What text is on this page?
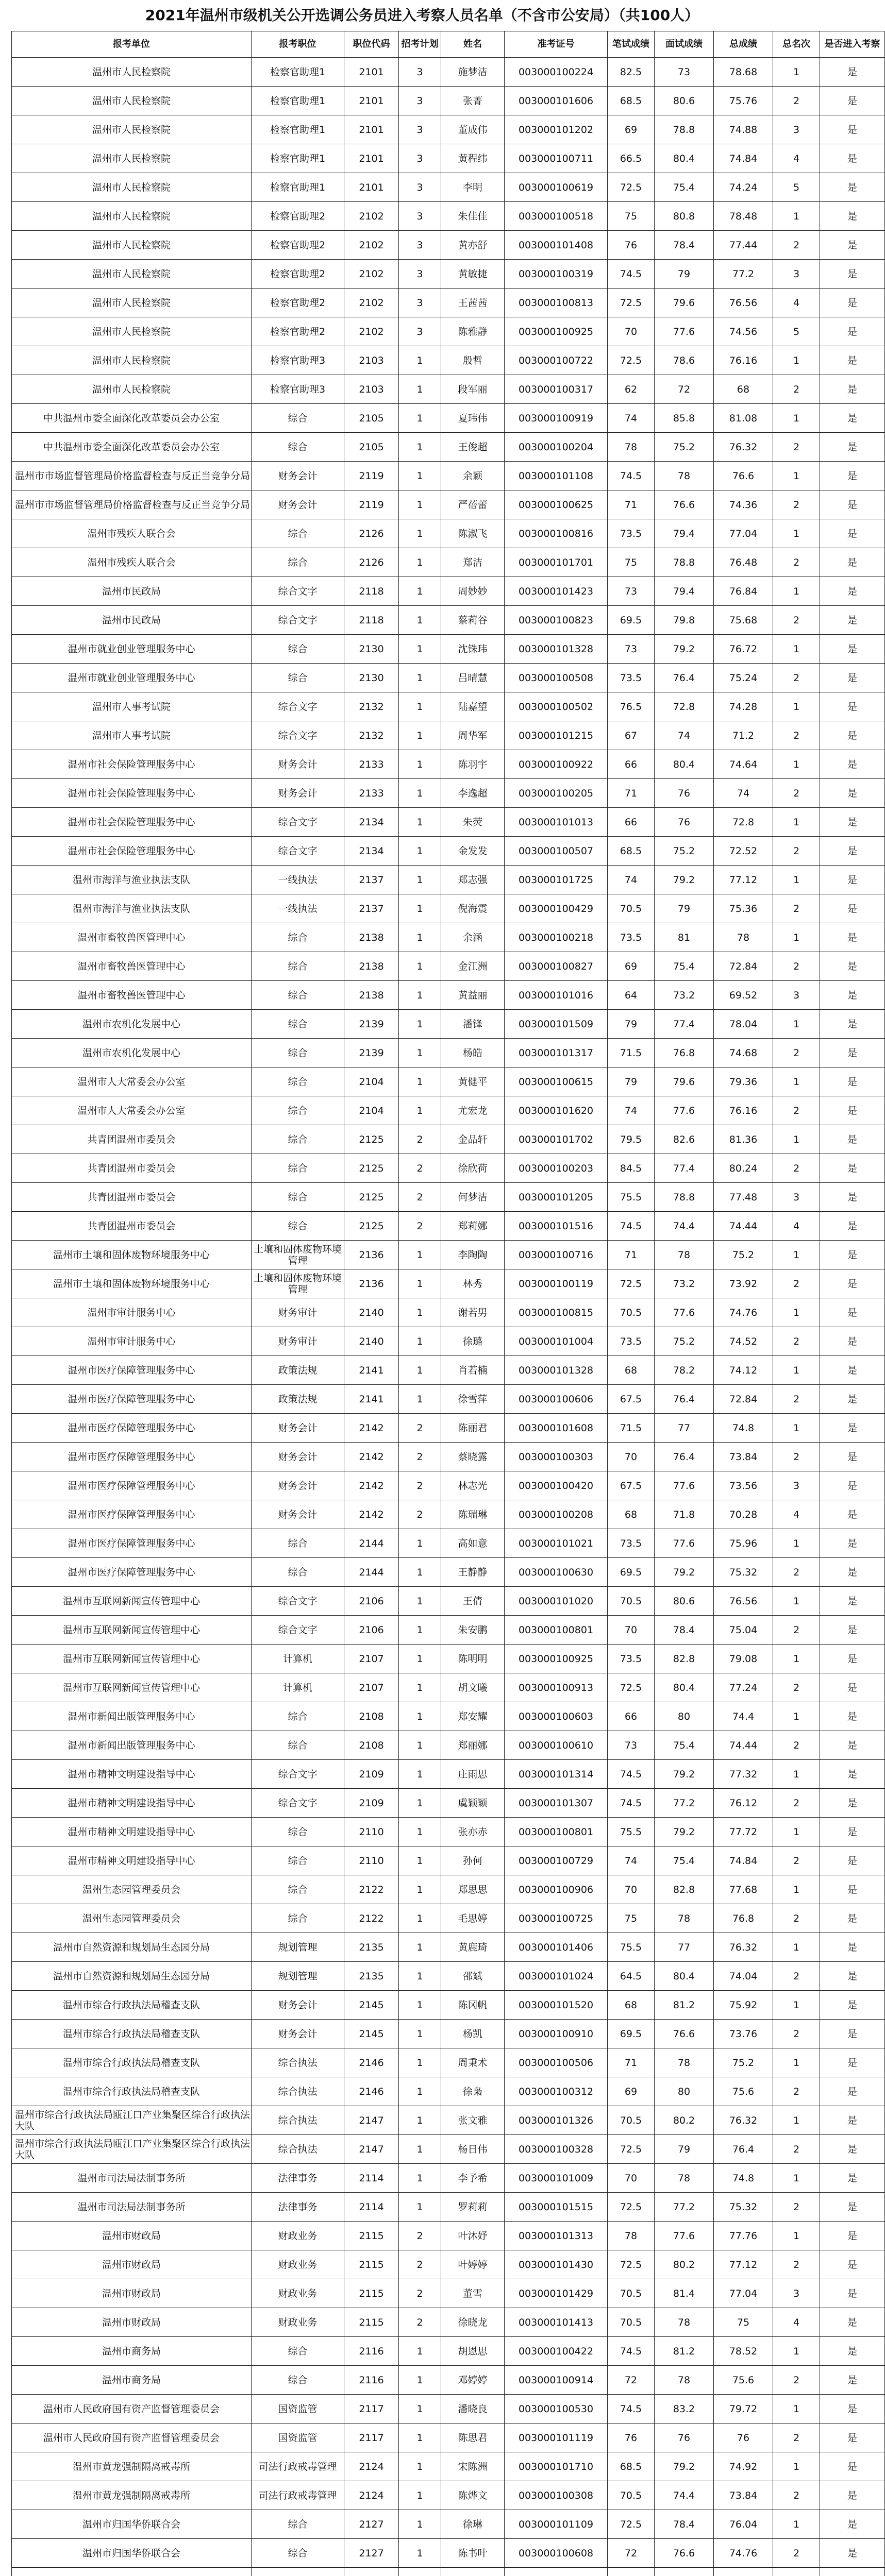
2021年温州市级机关公开选调公务员进入考察人员名单（不含市公安局）（共100人）
报考单位	报考职位	职位代码	招考计划	姓名	准考证号	笔试成绩	面试成绩	总成绩	总名次	是否进入考察
温州市人民检察院	检察官助理1	2101	3	施梦洁	003000100224	82.5	73	78.68	1	是
温州市人民检察院	检察官助理1	2101	3	张菁	003000101606	68.5	80.6	75.76	2	是
温州市人民检察院	检察官助理1	2101	3	董成伟	003000101202	69	78.8	74.88	3	是
温州市人民检察院	检察官助理1	2101	3	黄程纬	003000100711	66.5	80.4	74.84	4	是
温州市人民检察院	检察官助理1	2101	3	李明	003000100619	72.5	75.4	74.24	5	是
温州市人民检察院	检察官助理2	2102	3	朱佳佳	003000100518	75	80.8	78.48	1	是
温州市人民检察院	检察官助理2	2102	3	黄亦舒	003000101408	76	78.4	77.44	2	是
温州市人民检察院	检察官助理2	2102	3	黄敏捷	003000100319	74.5	79	77.2	3	是
温州市人民检察院	检察官助理2	2102	3	王茜茜	003000100813	72.5	79.6	76.56	4	是
温州市人民检察院	检察官助理2	2102	3	陈雅静	003000100925	70	77.6	74.56	5	是
温州市人民检察院	检察官助理3	2103	1	殷哲	003000100722	72.5	78.6	76.16	1	是
温州市人民检察院	检察官助理3	2103	1	段军丽	003000100317	62	72	68	2	是
中共温州市委全面深化改革委员会办公室	综合	2105	1	夏玮伟	003000100919	74	85.8	81.08	1	是
中共温州市委全面深化改革委员会办公室	综合	2105	1	王俊超	003000100204	78	75.2	76.32	2	是
温州市市场监督管理局价格监督检查与反正当竞争分局	财务会计	2119	1	余颖	003000101108	74.5	78	76.6	1	是
温州市市场监督管理局价格监督检查与反正当竞争分局	财务会计	2119	1	严蓓蕾	003000100625	71	76.6	74.36	2	是
温州市残疾人联合会	综合	2126	1	陈淑飞	003000100816	73.5	79.4	77.04	1	是
温州市残疾人联合会	综合	2126	1	郑洁	003000101701	75	78.8	76.48	2	是
温州市民政局	综合文字	2118	1	周妙妙	003000101423	73	79.4	76.84	1	是
温州市民政局	综合文字	2118	1	蔡莉谷	003000100823	69.5	79.8	75.68	2	是
温州市就业创业管理服务中心	综合	2130	1	沈铢玮	003000101328	73	79.2	76.72	1	是
温州市就业创业管理服务中心	综合	2130	1	吕晴慧	003000100508	73.5	76.4	75.24	2	是
温州市人事考试院	综合文字	2132	1	陆嘉望	003000100502	76.5	72.8	74.28	1	是
温州市人事考试院	综合文字	2132	1	周华军	003000101215	67	74	71.2	2	是
温州市社会保险管理服务中心	财务会计	2133	1	陈羽宇	003000100922	66	80.4	74.64	1	是
温州市社会保险管理服务中心	财务会计	2133	1	李逸超	003000100205	71	76	74	2	是
温州市社会保险管理服务中心	综合文字	2134	1	朱荧	003000101013	66	76	72.8	1	是
温州市社会保险管理服务中心	综合文字	2134	1	金发发	003000100507	68.5	75.2	72.52	2	是
温州市海洋与渔业执法支队	一线执法	2137	1	郑志强	003000101725	74	79.2	77.12	1	是
温州市海洋与渔业执法支队	一线执法	2137	1	倪海震	003000100429	70.5	79	75.36	2	是
温州市畜牧兽医管理中心	综合	2138	1	余涵	003000100218	73.5	81	78	1	是
温州市畜牧兽医管理中心	综合	2138	1	金江洲	003000100827	69	75.4	72.84	2	是
温州市畜牧兽医管理中心	综合	2138	1	黄益丽	003000101016	64	73.2	69.52	3	是
温州市农机化发展中心	综合	2139	1	潘锋	003000101509	79	77.4	78.04	1	是
温州市农机化发展中心	综合	2139	1	杨皓	003000101317	71.5	76.8	74.68	2	是
温州市人大常委会办公室	综合	2104	1	黄健平	003000100615	79	79.6	79.36	1	是
温州市人大常委会办公室	综合	2104	1	尤宏龙	003000101620	74	77.6	76.16	2	是
共青团温州市委员会	综合	2125	2	金品轩	003000101702	79.5	82.6	81.36	1	是
共青团温州市委员会	综合	2125	2	徐欣荷	003000100203	84.5	77.4	80.24	2	是
共青团温州市委员会	综合	2125	2	何梦洁	003000101205	75.5	78.8	77.48	3	是
共青团温州市委员会	综合	2125	2	郑莉娜	003000101516	74.5	74.4	74.44	4	是
温州市土壤和固体废物环境服务中心	土壤和固体废物环境管理	2136	1	李陶陶	003000100716	71	78	75.2	1	是
温州市土壤和固体废物环境服务中心	土壤和固体废物环境管理	2136	1	林秀	003000100119	72.5	73.2	73.92	2	是
温州市审计服务中心	财务审计	2140	1	谢若男	003000100815	70.5	77.6	74.76	1	是
温州市审计服务中心	财务审计	2140	1	徐璐	003000101004	73.5	75.2	74.52	2	是
温州市医疗保障管理服务中心	政策法规	2141	1	肖若楠	003000101328	68	78.2	74.12	1	是
温州市医疗保障管理服务中心	政策法规	2141	1	徐雪萍	003000100606	67.5	76.4	72.84	2	是
温州市医疗保障管理服务中心	财务会计	2142	2	陈丽君	003000101608	71.5	77	74.8	1	是
温州市医疗保障管理服务中心	财务会计	2142	2	蔡晓露	003000100303	70	76.4	73.84	2	是
温州市医疗保障管理服务中心	财务会计	2142	2	林志光	003000100420	67.5	77.6	73.56	3	是
温州市医疗保障管理服务中心	财务会计	2142	2	陈瑞琳	003000100208	68	71.8	70.28	4	是
温州市医疗保障管理服务中心	综合	2144	1	高如意	003000101021	73.5	77.6	75.96	1	是
温州市医疗保障管理服务中心	综合	2144	1	王静静	003000100630	69.5	79.2	75.32	2	是
温州市互联网新闻宣传管理中心	综合文字	2106	1	王倩	003000101020	70.5	80.6	76.56	1	是
温州市互联网新闻宣传管理中心	综合文字	2106	1	朱安鹏	003000100801	70	78.4	75.04	2	是
温州市互联网新闻宣传管理中心	计算机	2107	1	陈明明	003000100925	73.5	82.8	79.08	1	是
温州市互联网新闻宣传管理中心	计算机	2107	1	胡文曦	003000100913	72.5	80.4	77.24	2	是
温州市新闻出版管理服务中心	综合	2108	1	郑安耀	003000100603	66	80	74.4	1	是
温州市新闻出版管理服务中心	综合	2108	1	郑丽娜	003000100610	73	75.4	74.44	2	是
温州市精神文明建设指导中心	综合文字	2109	1	庄雨思	003000101314	74.5	79.2	77.32	1	是
温州市精神文明建设指导中心	综合文字	2109	1	虞颖颖	003000101307	74.5	77.2	76.12	2	是
温州市精神文明建设指导中心	综合	2110	1	张亦赤	003000100801	75.5	79.2	77.72	1	是
温州市精神文明建设指导中心	综合	2110	1	孙何	003000100729	74	75.4	74.84	2	是
温州生态园管理委员会	综合	2122	1	郑思思	003000100906	70	82.8	77.68	1	是
温州生态园管理委员会	综合	2122	1	毛思婷	003000100725	75	78	76.8	2	是
温州市自然资源和规划局生态园分局	规划管理	2135	1	黄鹿琦	003000101406	75.5	77	76.32	1	是
温州市自然资源和规划局生态园分局	规划管理	2135	1	邵斌	003000101024	64.5	80.4	74.04	2	是
温州市综合行政执法局稽查支队	财务会计	2145	1	陈冈帆	003000101520	68	81.2	75.92	1	是
温州市综合行政执法局稽查支队	财务会计	2145	1	杨凯	003000100910	69.5	76.6	73.76	2	是
温州市综合行政执法局稽查支队	综合执法	2146	1	周秉术	003000100506	71	78	75.2	1	是
温州市综合行政执法局稽查支队	综合执法	2146	1	徐枭	003000100312	69	80	75.6	2	是
温州市综合行政执法局瓯江口产业集聚区综合行政执法大队	综合执法	2147	1	张文雅	003000101326	70.5	80.2	76.32	1	是
温州市综合行政执法局瓯江口产业集聚区综合行政执法大队	综合执法	2147	1	杨日伟	003000100328	72.5	79	76.4	2	是
温州市司法局法制事务所	法律事务	2114	1	李予希	003000101009	70	78	74.8	1	是
温州市司法局法制事务所	法律事务	2114	1	罗莉莉	003000101515	72.5	77.2	75.32	2	是
温州市财政局	财政业务	2115	2	叶沐妤	003000101313	78	77.6	77.76	1	是
温州市财政局	财政业务	2115	2	叶婷婷	003000101430	72.5	80.2	77.12	2	是
温州市财政局	财政业务	2115	2	董雪	003000101429	70.5	81.4	77.04	3	是
温州市财政局	财政业务	2115	2	徐晓龙	003000101413	70.5	78	75	4	是
温州市商务局	综合	2116	1	胡恩思	003000100422	74.5	81.2	78.52	1	是
温州市商务局	综合	2116	1	邓婷婷	003000100914	72	78	75.6	2	是
温州市人民政府国有资产监督管理委员会	国资监管	2117	1	潘晓良	003000100530	74.5	83.2	79.72	1	是
温州市人民政府国有资产监督管理委员会	国资监管	2117	1	陈思君	003000101119	76	76	76	2	是
温州市黄龙强制隔离戒毒所	司法行政戒毒管理	2124	1	宋陈洲	003000101710	68.5	79.2	74.92	1	是
温州市黄龙强制隔离戒毒所	司法行政戒毒管理	2124	1	陈烨文	003000100308	70.5	74.4	73.84	2	是
温州市归国华侨联合会	综合	2127	1	徐琳	003000101109	72.5	78.4	76.04	1	是
温州市归国华侨联合会	综合	2127	1	陈书叶	003000100608	72	76.6	74.76	2	是
